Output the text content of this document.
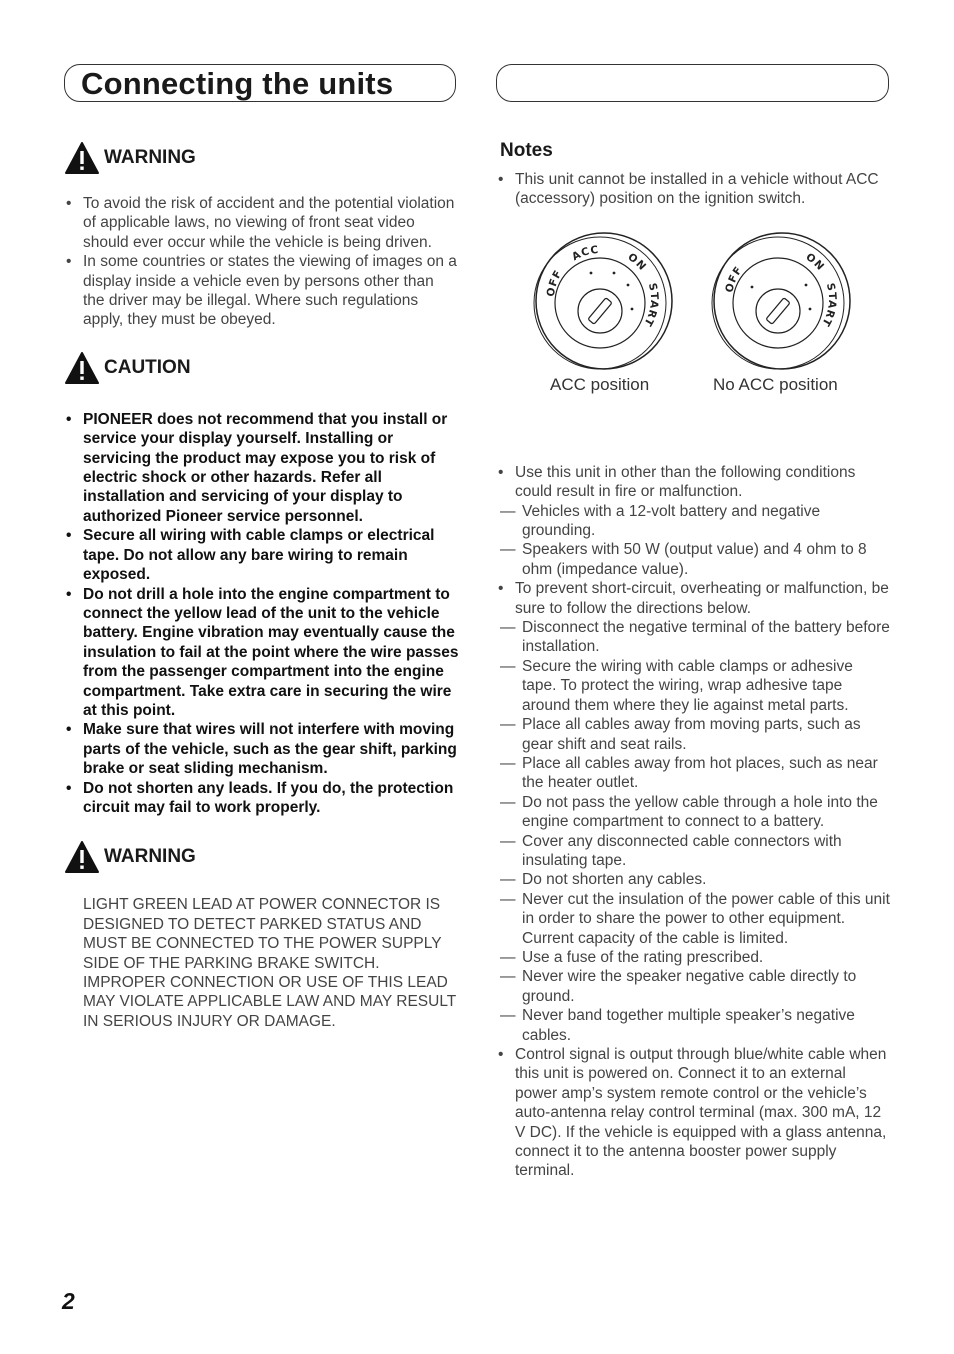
Connecting the units
WARNING
• To avoid the risk of accident and the potential violation of applicable laws, no viewing of front seat video should ever occur while the vehicle is being driven.
• In some countries or states the viewing of images on a display inside a vehicle even by persons other than the driver may be illegal. Where such regulations apply, they must be obeyed.
CAUTION
• PIONEER does not recommend that you install or service your display yourself. Installing or servicing the product may expose you to risk of electric shock or other hazards. Refer all installation and servicing of your display to authorized Pioneer service personnel.
• Secure all wiring with cable clamps or electrical tape. Do not allow any bare wiring to remain exposed.
• Do not drill a hole into the engine compartment to connect the yellow lead of the unit to the vehicle battery. Engine vibration may eventually cause the insulation to fail at the point where the wire passes from the passenger compartment into the engine compartment. Take extra care in securing the wire at this point.
• Make sure that wires will not interfere with moving parts of the vehicle, such as the gear shift, parking brake or seat sliding mechanism.
• Do not shorten any leads. If you do, the protection circuit may fail to work properly.
WARNING

LIGHT GREEN LEAD AT POWER CONNECTOR IS DESIGNED TO DETECT PARKED STATUS AND MUST BE CONNECTED TO THE POWER SUPPLY SIDE OF THE PARKING BRAKE SWITCH. IMPROPER CONNECTION OR USE OF THIS LEAD MAY VIOLATE APPLICABLE LAW AND MAY RESULT IN SERIOUS INJURY OR DAMAGE.

Notes
• This unit cannot be installed in a vehicle without ACC (accessory) position on the ignition switch.
OFF
ACC
ON
START
OFF
ON
START
ACC position	No ACC position
• Use this unit in other than the following conditions could result in fire or malfunction.
— Vehicles with a 12-volt battery and negative grounding.
— Speakers with 50 W (output value) and 4 ohm to 8 ohm (impedance value).
• To prevent short-circuit, overheating or malfunction, be sure to follow the directions below.
— Disconnect the negative terminal of the battery before installation.
— Secure the wiring with cable clamps or adhesive tape. To protect the wiring, wrap adhesive tape around them where they lie against metal parts.
— Place all cables away from moving parts, such as gear shift and seat rails.
— Place all cables away from hot places, such as near the heater outlet.
— Do not pass the yellow cable through a hole into the engine compartment to connect to a battery.
— Cover any disconnected cable connectors with insulating tape.
— Do not shorten any cables.
— Never cut the insulation of the power cable of this unit in order to share the power to other equipment. Current capacity of the cable is limited.
— Use a fuse of the rating prescribed.
— Never wire the speaker negative cable directly to ground.
— Never band together multiple speaker’s negative cables.
• Control signal is output through blue/white cable when this unit is powered on. Connect it to an external power amp’s system remote control or the vehicle’s auto-antenna relay control terminal (max. 300 mA, 12 V DC). If the vehicle is equipped with a glass antenna, connect it to the antenna booster power supply terminal.
2
